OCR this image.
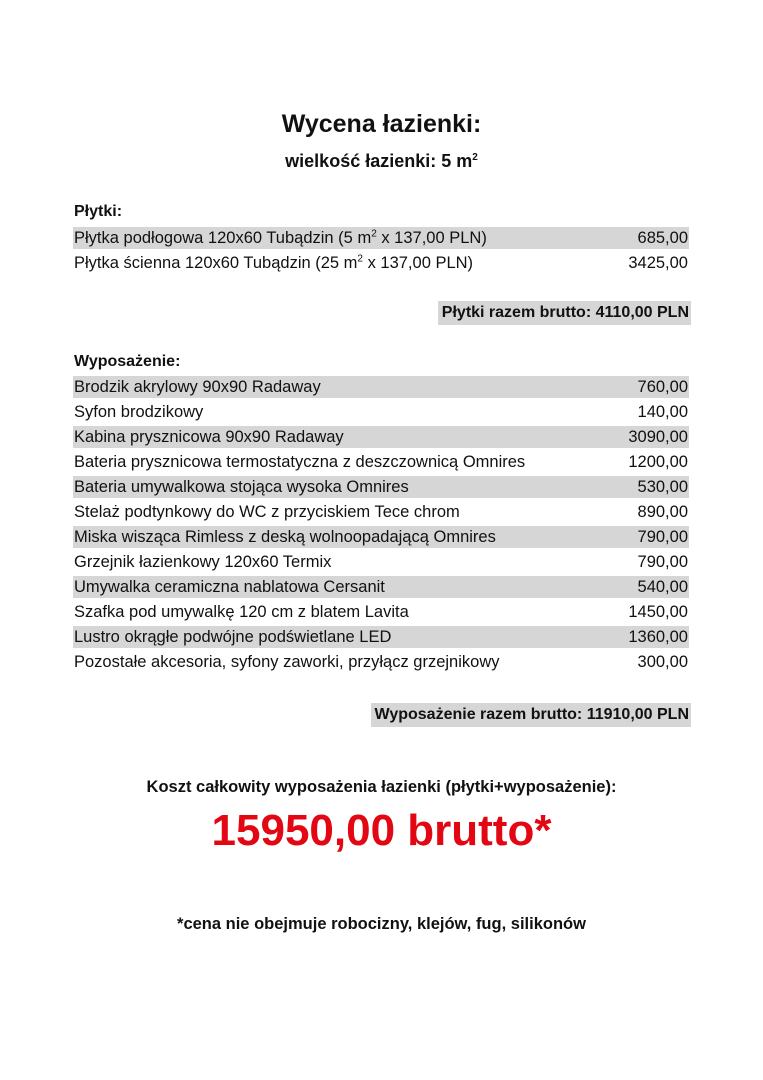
Wycena łazienki:
wielkość łazienki: 5 $m^2$
Płytki:
Płytka podłogowa 120x60 Tubądzin (5 $m^2$ x 137,00 PLN)	685,00
Płytka ścienna 120x60 Tubądzin (25 $m^2$ x 137,00 PLN)	3425,00
Płytki razem brutto: 4110,00 PLN
Wyposażenie:
Brodzik akrylowy 90x90 Radaway	760,00
Syfon brodzikowy	140,00
Kabina prysznicowa 90x90 Radaway	3090,00
Bateria prysznicowa termostatyczna z deszczownicą Omnires	1200,00
Bateria umywalkowa stojąca wysoka Omnires	530,00
Stelaż podtynkowy do WC z przyciskiem Tece chrom	890,00
Miska wisząca Rimless z deską wolnoopadającą Omnires	790,00
Grzejnik łazienkowy 120x60 Termix	790,00
Umywalka ceramiczna nablatowa Cersanit	540,00
Szafka pod umywalkę 120 cm z blatem Lavita	1450,00
Lustro okrągłe podwójne podświetlane LED	1360,00
Pozostałe akcesoria, syfony zaworki, przyłącz grzejnikowy	300,00
Wyposażenie razem brutto: 11910,00 PLN
Koszt całkowity wyposażenia łazienki (płytki+wyposażenie):
15950,00 brutto*
*cena nie obejmuje robocizny, klejów, fug, silikonów
